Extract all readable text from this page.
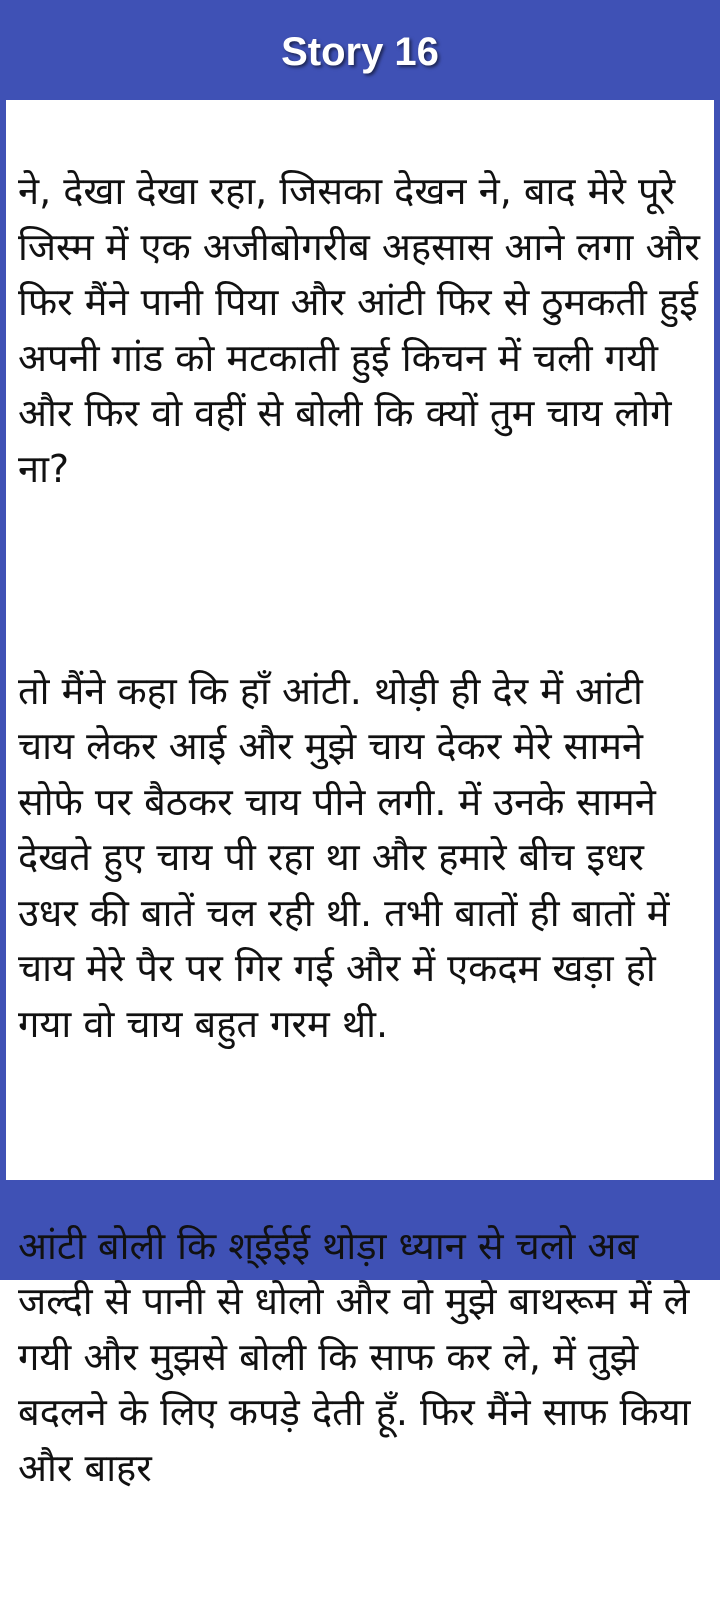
Story 16

ने, देखा देखा रहा, जिसका देखन ने, बाद मेरे पूरे जिस्म में एक अजीबोगरीब अहसास आने लगा और फिर मैंने पानी पिया और आंटी फिर से ठुमकती हुई अपनी गांड को मटकाती हुई किचन में चली गयी और फिर वो वहीं से बोली कि क्यों तुम चाय लोगे ना?

तो मैंने कहा कि हाँ आंटी. थोड़ी ही देर में आंटी चाय लेकर आई और मुझे चाय देकर मेरे सामने सोफे पर बैठकर चाय पीने लगी. में उनके सामने देखते हुए चाय पी रहा था और हमारे बीच इधर उधर की बातें चल रही थी. तभी बातों ही बातों में चाय मेरे पैर पर गिर गई और में एकदम खड़ा हो गया वो चाय बहुत गरम थी.

आंटी बोली कि श्ईईई थोड़ा ध्यान से चलो अब जल्दी से पानी से धोलो और वो मुझे बाथरूम में ले गयी और मुझसे बोली कि साफ कर ले, में तुझे बदलने के लिए कपड़े देती हूँ. फिर मैंने साफ किया और बाहर
